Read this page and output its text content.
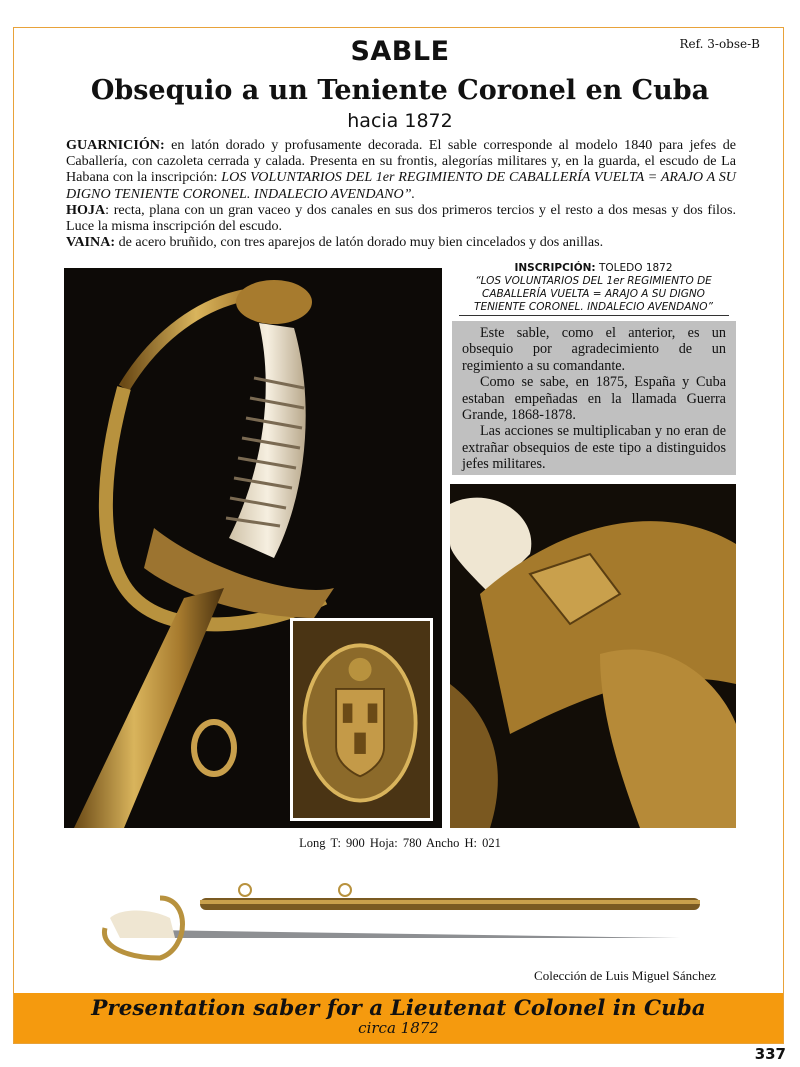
Ref. 3-obse-B
SABLE
Obsequio a un Teniente Coronel en Cuba
hacia 1872
GUARNICIÓN: en latón dorado y profusamente decorada. El sable corresponde al modelo 1840 para jefes de Caballería, con cazoleta cerrada y calada. Presenta en su frontis, alegorías militares y, en la guarda, el escudo de La Habana con la inscripción: LOS VOLUNTARIOS DEL 1er REGIMIENTO DE CABALLERÍA VUELTA = ARAJO A SU DIGNO TENIENTE CORONEL. INDALECIO AVENDANO”.
HOJA: recta, plana con un gran vaceo y dos canales en sus dos primeros tercios y el resto a dos mesas y dos filos. Luce la misma inscripción del escudo.
VAINA: de acero bruñido, con tres aparejos de latón dorado muy bien cincelados y dos anillas.
INSCRIPCIÓN: TOLEDO 1872
“LOS VOLUNTARIOS DEL 1er REGIMIENTO DE
CABALLERÍA VUELTA = ARAJO A SU DIGNO
TENIENTE CORONEL. INDALECIO AVENDANO”

Este sable, como el anterior, es un obsequio por agradecimiento de un regimiento a su comandante.

Como se sabe, en 1875, España y Cuba estaban empeñadas en la llamada Guerra Grande, 1868-1878.

Las acciones se multiplicaban y no eran de extrañar obsequios de este tipo a distinguidos jefes militares.

Long T: 900 Hoja: 780 Ancho H: 021
Colección de Luis Miguel Sánchez
Presentation saber for a Lieutenat Colonel in Cuba
circa 1872
337
